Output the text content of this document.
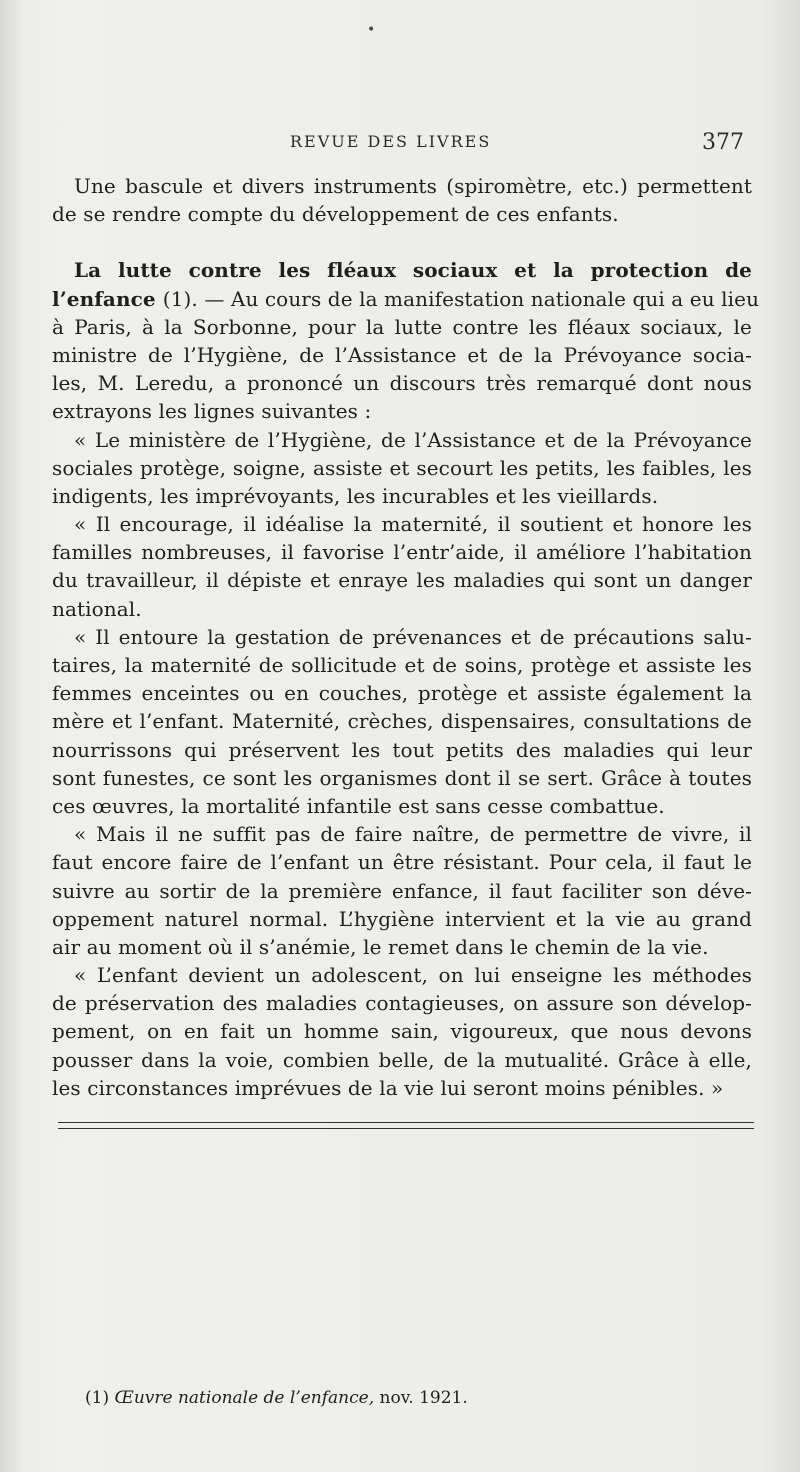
•
REVUE DES LIVRES	377
Une bascule et divers instruments (spiromètre, etc.) permettent
de se rendre compte du développement de ces enfants.
La lutte contre les fléaux sociaux et la protection de
l’enfance (1). — Au cours de la manifestation nationale qui a eu lieu
à Paris, à la Sorbonne, pour la lutte contre les fléaux sociaux, le
ministre de l’Hygiène, de l’Assistance et de la Prévoyance socia-
les, M. Leredu, a prononcé un discours très remarqué dont nous
extrayons les lignes suivantes :
« Le ministère de l’Hygiène, de l’Assistance et de la Prévoyance
sociales protège, soigne, assiste et secourt les petits, les faibles, les
indigents, les imprévoyants, les incurables et les vieillards.
« Il encourage, il idéalise la maternité, il soutient et honore les
familles nombreuses, il favorise l’entr’aide, il améliore l’habitation
du travailleur, il dépiste et enraye les maladies qui sont un danger
national.
« Il entoure la gestation de prévenances et de précautions salu-
taires, la maternité de sollicitude et de soins, protège et assiste les
femmes enceintes ou en couches, protège et assiste également la
mère et l’enfant. Maternité, crèches, dispensaires, consultations de
nourrissons qui préservent les tout petits des maladies qui leur
sont funestes, ce sont les organismes dont il se sert. Grâce à toutes
ces œuvres, la mortalité infantile est sans cesse combattue.
« Mais il ne suffit pas de faire naître, de permettre de vivre, il
faut encore faire de l’enfant un être résistant. Pour cela, il faut le
suivre au sortir de la première enfance, il faut faciliter son déve-
oppement naturel normal. L’hygiène intervient et la vie au grand
air au moment où il s’anémie, le remet dans le chemin de la vie.
« L’enfant devient un adolescent, on lui enseigne les méthodes
de préservation des maladies contagieuses, on assure son dévelop-
pement, on en fait un homme sain, vigoureux, que nous devons
pousser dans la voie, combien belle, de la mutualité. Grâce à elle,
les circonstances imprévues de la vie lui seront moins pénibles. »
(1) Œuvre nationale de l’enfance, nov. 1921.
